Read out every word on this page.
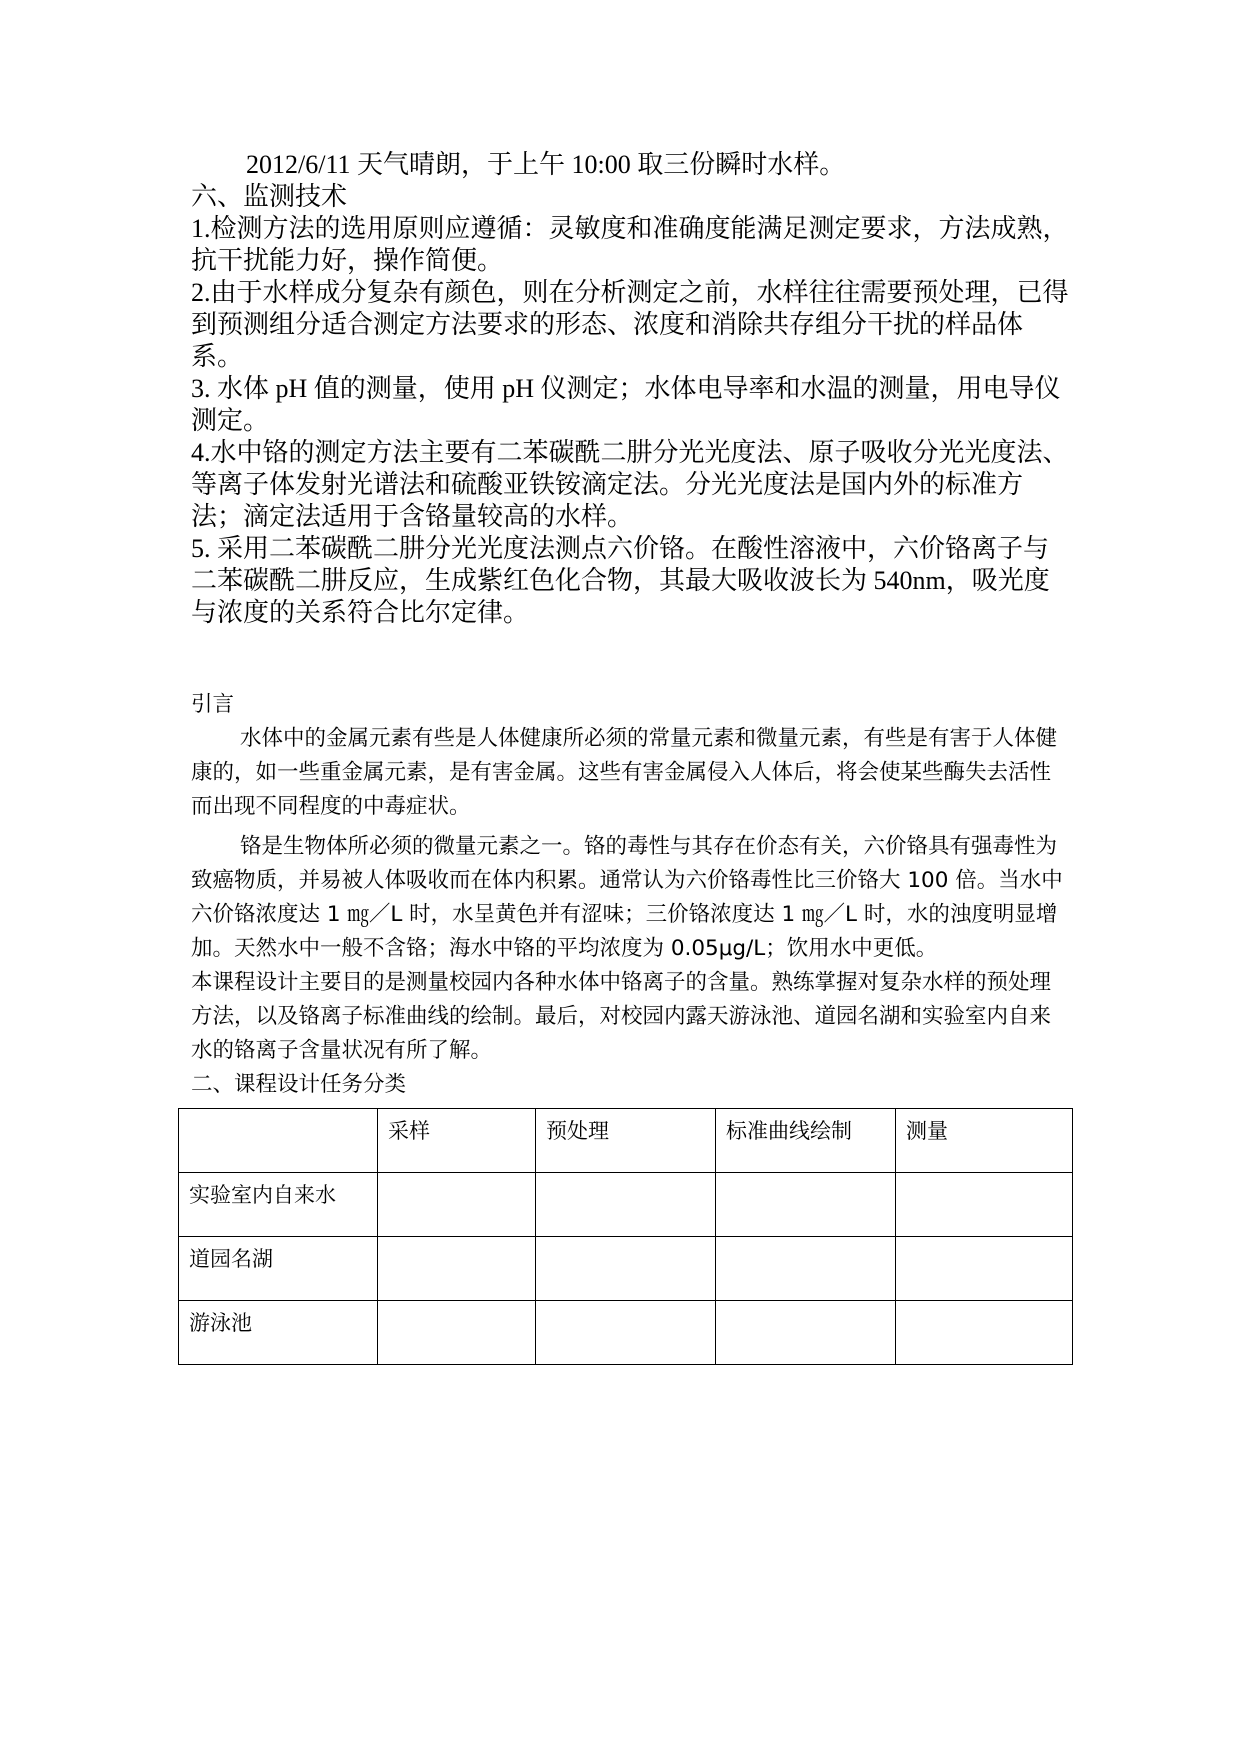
2012/6/11 天气晴朗，于上午 10:00 取三份瞬时水样。

六、监测技术

1.检测方法的选用原则应遵循：灵敏度和准确度能满足测定要求，方法成熟，抗干扰能力好，操作简便。

2.由于水样成分复杂有颜色，则在分析测定之前，水样往往需要预处理，已得到预测组分适合测定方法要求的形态、浓度和消除共存组分干扰的样品体系。

3. 水体 pH 值的测量，使用 pH 仪测定；水体电导率和水温的测量，用电导仪测定。

4.水中铬的测定方法主要有二苯碳酰二肼分光光度法、原子吸收分光光度法、等离子体发射光谱法和硫酸亚铁铵滴定法。分光光度法是国内外的标准方法；滴定法适用于含铬量较高的水样。

5. 采用二苯碳酰二肼分光光度法测点六价铬。在酸性溶液中，六价铬离子与二苯碳酰二肼反应，生成紫红色化合物，其最大吸收波长为 540nm，吸光度与浓度的关系符合比尔定律。

引言

水体中的金属元素有些是人体健康所必须的常量元素和微量元素，有些是有害于人体健康的，如一些重金属元素，是有害金属。这些有害金属侵入人体后，将会使某些酶失去活性而出现不同程度的中毒症状。

铬是生物体所必须的微量元素之一。铬的毒性与其存在价态有关，六价铬具有强毒性为致癌物质，并易被人体吸收而在体内积累。通常认为六价铬毒性比三价铬大 100 倍。当水中六价铬浓度达 1 ㎎／L 时，水呈黄色并有涩味；三价铬浓度达 1 ㎎／L 时，水的浊度明显增加。天然水中一般不含铬；海水中铬的平均浓度为 0.05μg/L；饮用水中更低。

本课程设计主要目的是测量校园内各种水体中铬离子的含量。熟练掌握对复杂水样的预处理方法，以及铬离子标准曲线的绘制。最后，对校园内露天游泳池、道园名湖和实验室内自来水的铬离子含量状况有所了解。

二、课程设计任务分类

	采样	预处理	标准曲线绘制	测量
实验室内自来水				
道园名湖				
游泳池				
